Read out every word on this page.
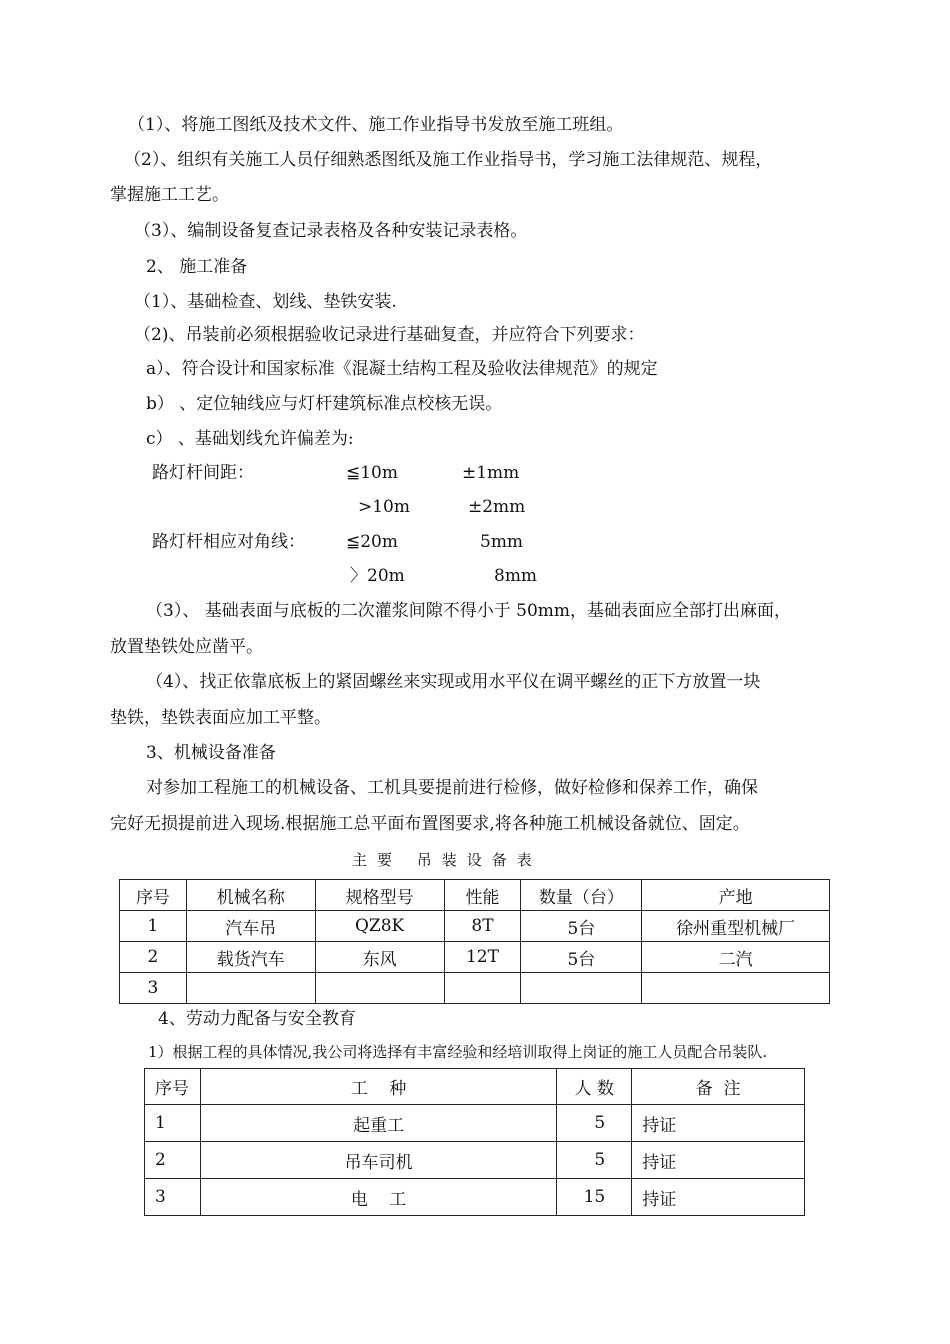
（1）、将施工图纸及技术文件、施工作业指导书发放至施工班组。
（2）、组织有关施工人员仔细熟悉图纸及施工作业指导书，学习施工法律规范、规程，
掌握施工工艺。
（3）、编制设备复查记录表格及各种安装记录表格。
2、 施工准备
（1）、基础检查、划线、垫铁安装.
（2)、吊装前必须根据验收记录进行基础复查，并应符合下列要求：
a）、符合设计和国家标准《混凝土结构工程及验收法律规范》的规定
b） 、定位轴线应与灯杆建筑标准点校核无误。
c） 、基础划线允许偏差为:
路灯杆间距：	≦10m	±1mm
>10m	±2mm
路灯杆相应对角线： ≦20m	5mm
〉20m	8mm
（3）、 基础表面与底板的二次灌浆间隙不得小于 50mm，基础表面应全部打出麻面，
放置垫铁处应凿平。
（4）、找正依靠底板上的紧固螺丝来实现或用水平仪在调平螺丝的正下方放置一块
垫铁，垫铁表面应加工平整。
3、机械设备准备
对参加工程施工的机械设备、工机具要提前进行检修，做好检修和保养工作，确保
完好无损提前进入现场.根据施工总平面布置图要求,将各种施工机械设备就位、固定。
主要 吊装设备表
序号	机械名称	规格型号	性能	数量（台）	产地
1	汽车吊	QZ8K	8T	5台	徐州重型机械厂
2	载货汽车	东风	12T	5台	二汽
3					
4、劳动力配备与安全教育
1）根据工程的具体情况,我公司将选择有丰富经验和经培训取得上岗证的施工人员配合吊装队.
序号	工    种	人 数	备  注
1	起重工	5	持证
2	吊车司机	5	持证
3	电    工	15	持证
